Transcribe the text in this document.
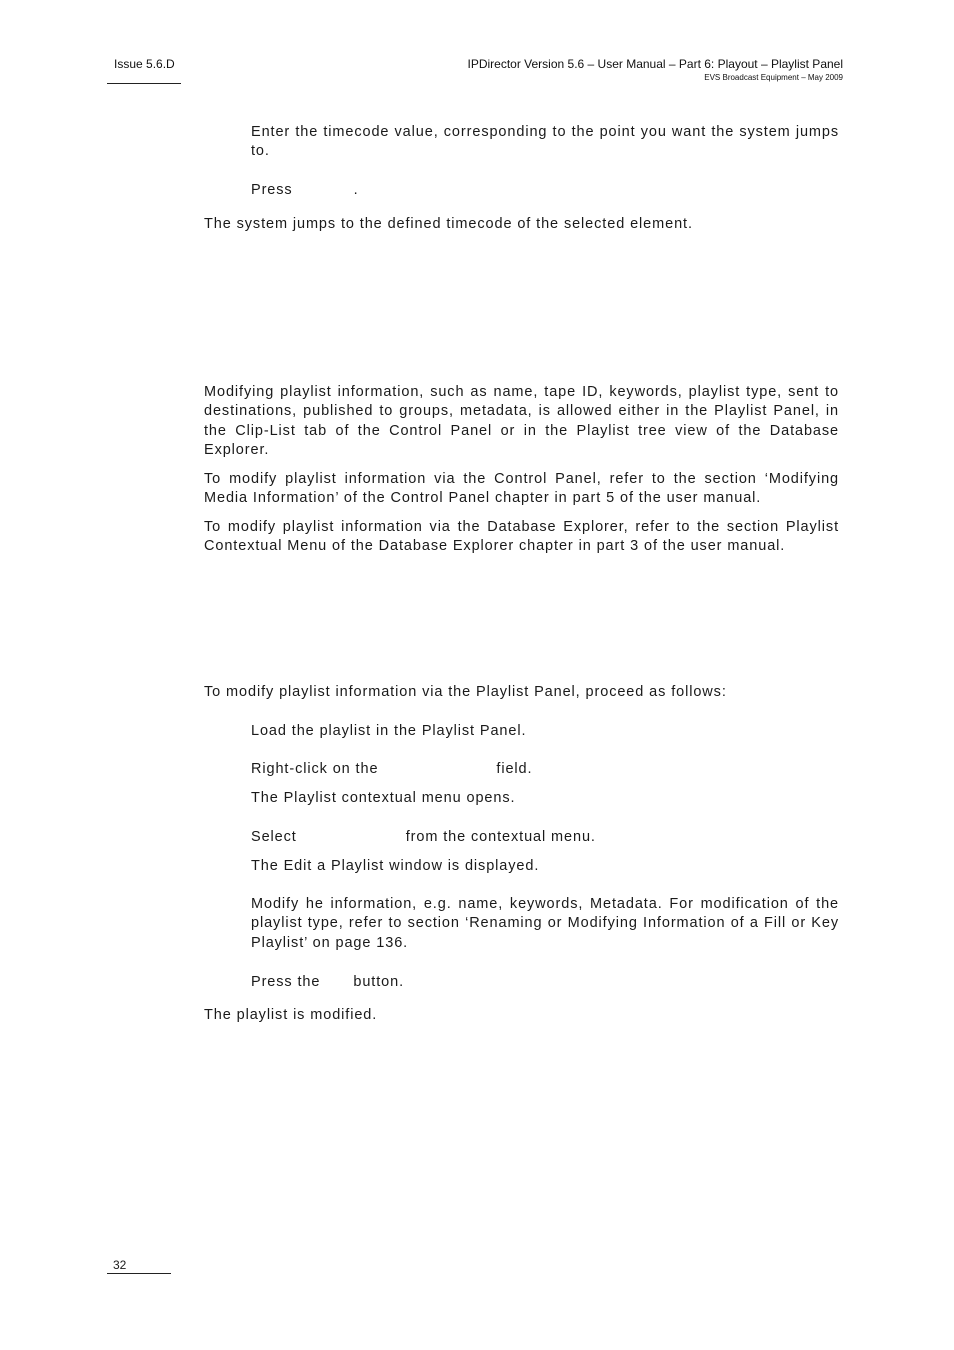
Issue 5.6.D	IPDirector Version 5.6 – User Manual – Part 6: Playout – Playlist Panel
EVS Broadcast Equipment – May 2009
Enter the timecode value, corresponding to the point you want the system jumps to.
Press	.
The system jumps to the defined timecode of the selected element.
Modifying playlist information, such as name, tape ID, keywords, playlist type, sent to destinations, published to groups, metadata, is allowed either in the Playlist Panel, in the Clip-List tab of the Control Panel or in the Playlist tree view of the Database Explorer.
To modify playlist information via the Control Panel, refer to the section ‘Modifying Media Information’ of the Control Panel chapter in part 5 of the user manual.
To modify playlist information via the Database Explorer, refer to the section Playlist Contextual Menu of the Database Explorer chapter in part 3 of the user manual.
To modify playlist information via the Playlist Panel, proceed as follows:
Load the playlist in the Playlist Panel.
Right-click on the	field.
The Playlist contextual menu opens.
Select	from the contextual menu.
The Edit a Playlist window is displayed.
Modify he information, e.g. name, keywords, Metadata. For modification of the playlist type, refer to section ‘Renaming or Modifying Information of a Fill or Key Playlist’ on page 136.
Press the button.
The playlist is modified.
32
